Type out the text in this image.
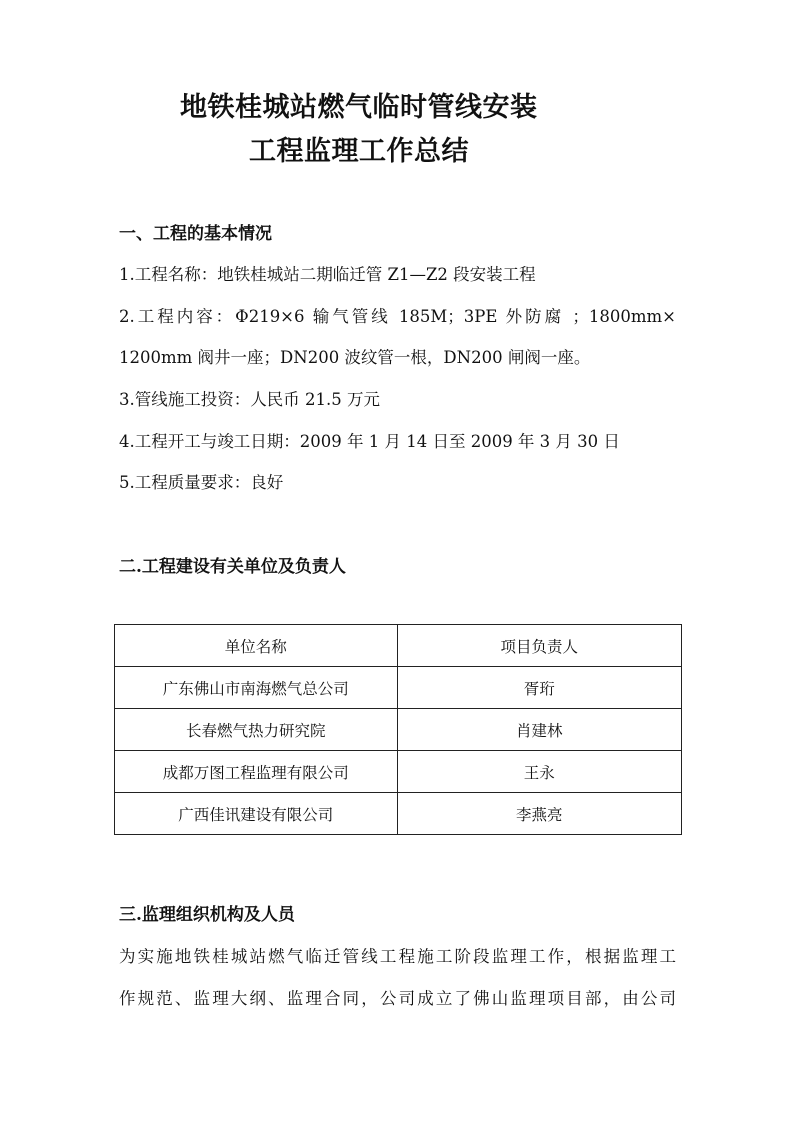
地铁桂城站燃气临时管线安装
工程监理工作总结
一、工程的基本情况
1.工程名称：地铁桂城站二期临迁管 Z1—Z2 段安装工程
2.工程内容：Φ219×6 输气管线 185M；3PE 外防腐 ；1800mm×
1200mm 阀井一座；DN200 波纹管一根，DN200 闸阀一座。
3.管线施工投资：人民币 21.5 万元
4.工程开工与竣工日期：2009 年 1 月 14 日至 2009 年 3 月 30 日
5.工程质量要求：良好
二.工程建设有关单位及负责人
单位名称	项目负责人
广东佛山市南海燃气总公司	胥珩
长春燃气热力研究院	肖建林
成都万图工程监理有限公司	王永
广西佳讯建设有限公司	李燕亮
三.监理组织机构及人员
为实施地铁桂城站燃气临迁管线工程施工阶段监理工作，根据监理工
作规范、监理大纲、监理合同，公司成立了佛山监理项目部，由公司
